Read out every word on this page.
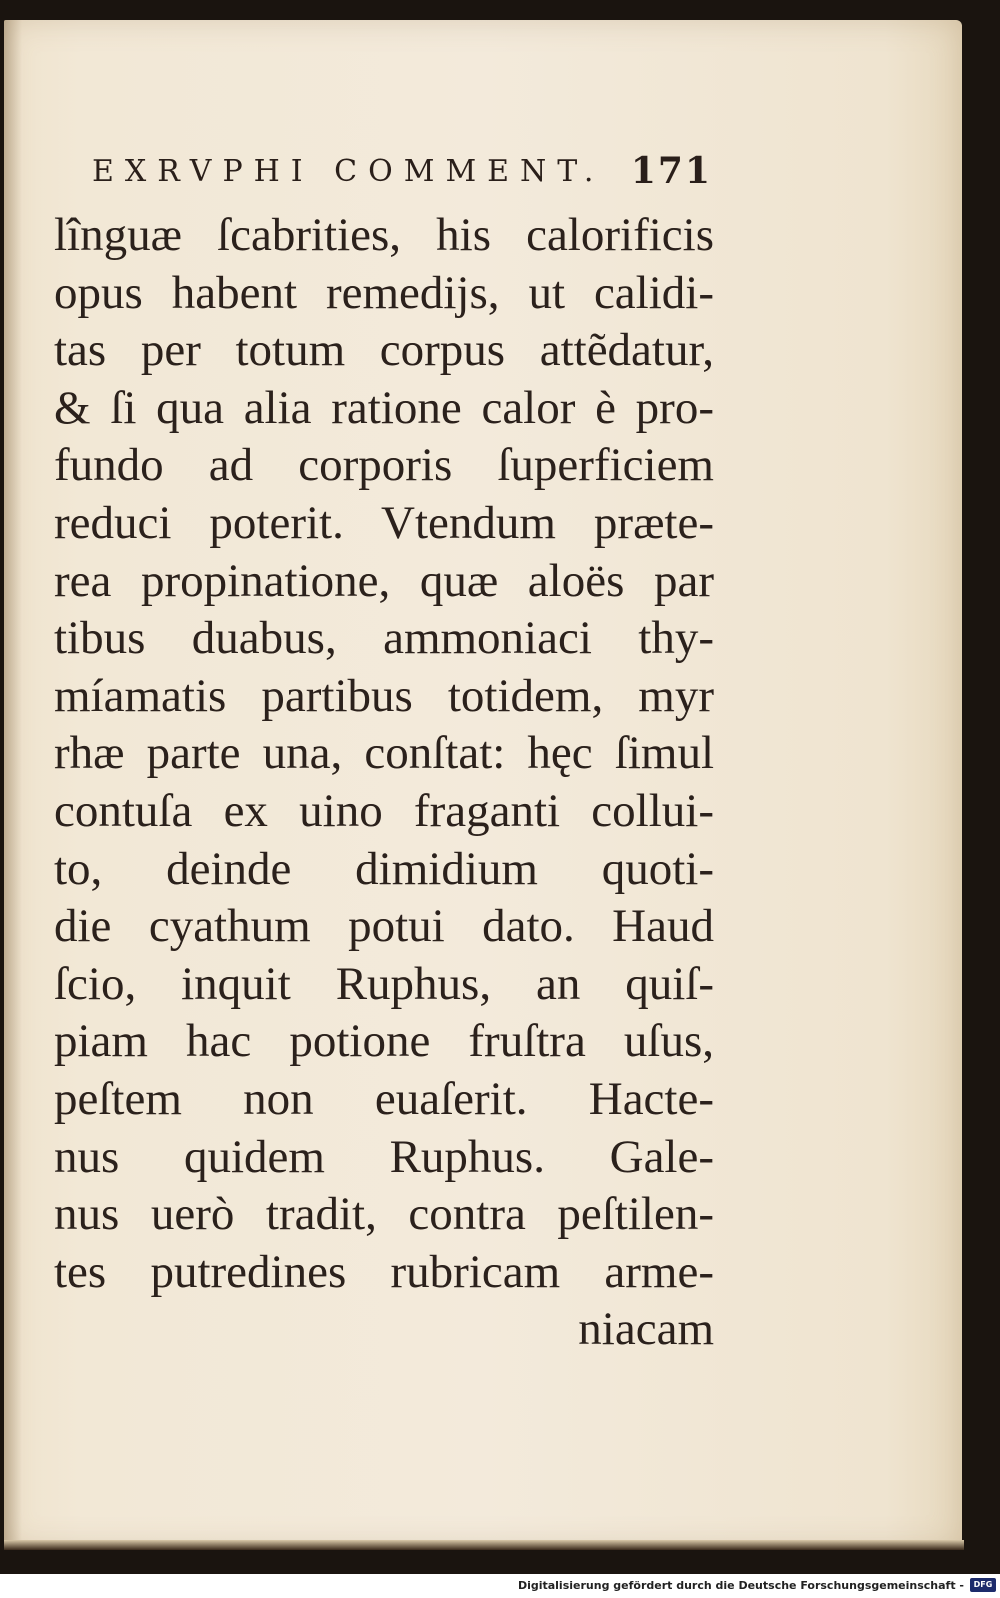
EXRVPHI COMMENT. 171
lînguæ ſcabrities, his calorificis
opus habent remedijs, ut calidi-
tas per totum corpus attẽdatur,
& ſi qua alia ratione calor è pro-
fundo ad corporis ſuperficiem
reduci poterit. Vtendum præte-
rea propinatione, quæ aloës par
tibus duabus, ammoniaci thy-
míamatis partibus totidem, myr
rhæ parte una, conſtat: hęc ſimul
contuſa ex uino fraganti collui-
to, deinde dimidium quoti-
die cyathum potui dato. Haud
ſcio, inquit Ruphus, an quiſ-
piam hac potione fruſtra uſus,
peſtem non euaſerit. Hacte-
nus quidem Ruphus. Gale-
nus uerò tradit, contra peſtilen-
tes putredines rubricam arme-
niacam
Digitalisierung gefördert durch die Deutsche Forschungsgemeinschaft -	DFG
